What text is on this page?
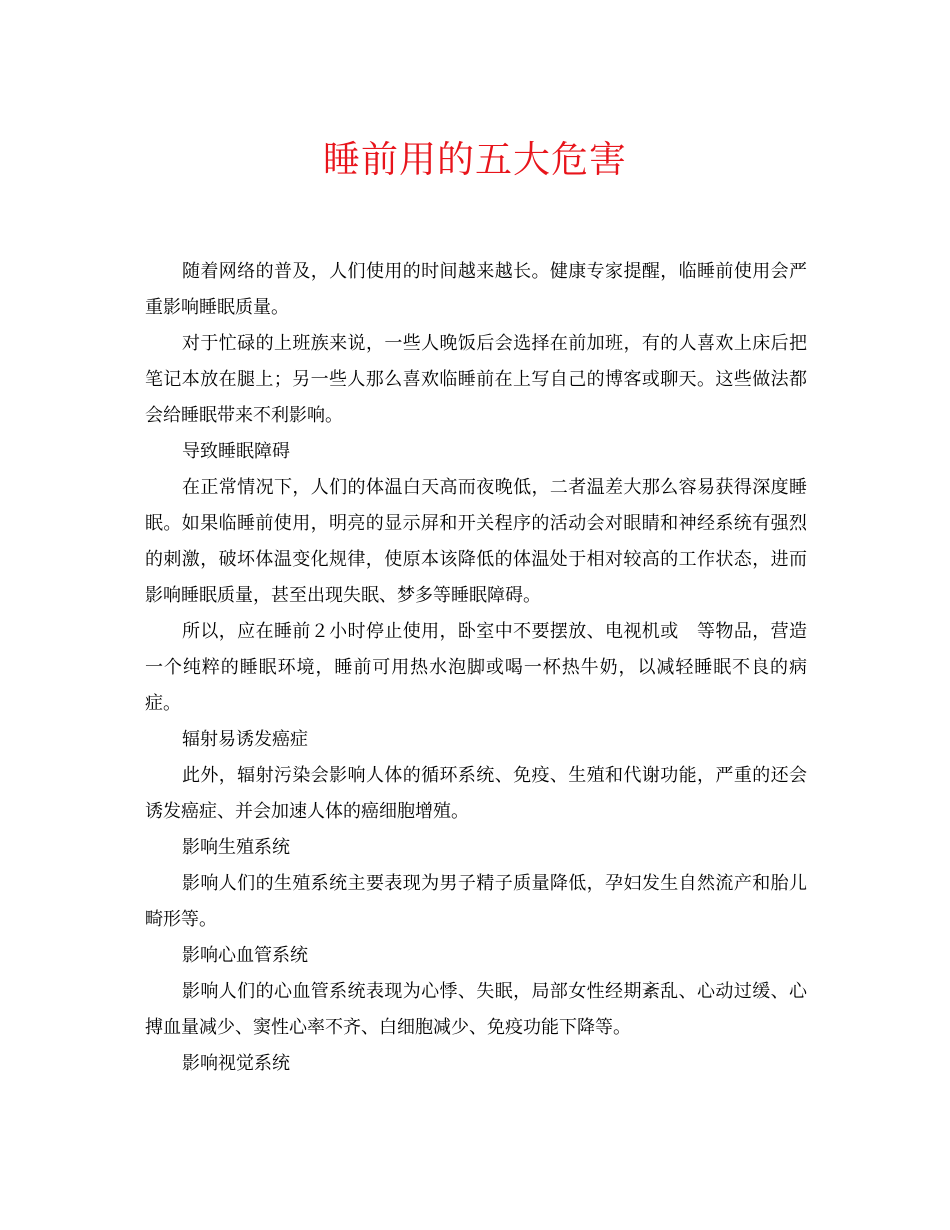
睡前用的五大危害

随着网络的普及，人们使用的时间越来越长。健康专家提醒，临睡前使用会严重影响睡眠质量。

对于忙碌的上班族来说，一些人晚饭后会选择在前加班，有的人喜欢上床后把笔记本放在腿上；另一些人那么喜欢临睡前在上写自己的博客或聊天。这些做法都会给睡眠带来不利影响。

导致睡眠障碍

在正常情况下，人们的体温白天高而夜晚低，二者温差大那么容易获得深度睡眠。如果临睡前使用，明亮的显示屏和开关程序的活动会对眼睛和神经系统有强烈的刺激，破坏体温变化规律，使原本该降低的体温处于相对较高的工作状态，进而影响睡眠质量，甚至出现失眠、梦多等睡眠障碍。

所以，应在睡前２小时停止使用，卧室中不要摆放、电视机或　等物品，营造一个纯粹的睡眠环境，睡前可用热水泡脚或喝一杯热牛奶，以减轻睡眠不良的病症。

辐射易诱发癌症

此外，辐射污染会影响人体的循环系统、免疫、生殖和代谢功能，严重的还会诱发癌症、并会加速人体的癌细胞增殖。

影响生殖系统

影响人们的生殖系统主要表现为男子精子质量降低，孕妇发生自然流产和胎儿畸形等。

影响心血管系统

影响人们的心血管系统表现为心悸、失眠，局部女性经期紊乱、心动过缓、心搏血量减少、窦性心率不齐、白细胞减少、免疫功能下降等。

影响视觉系统
